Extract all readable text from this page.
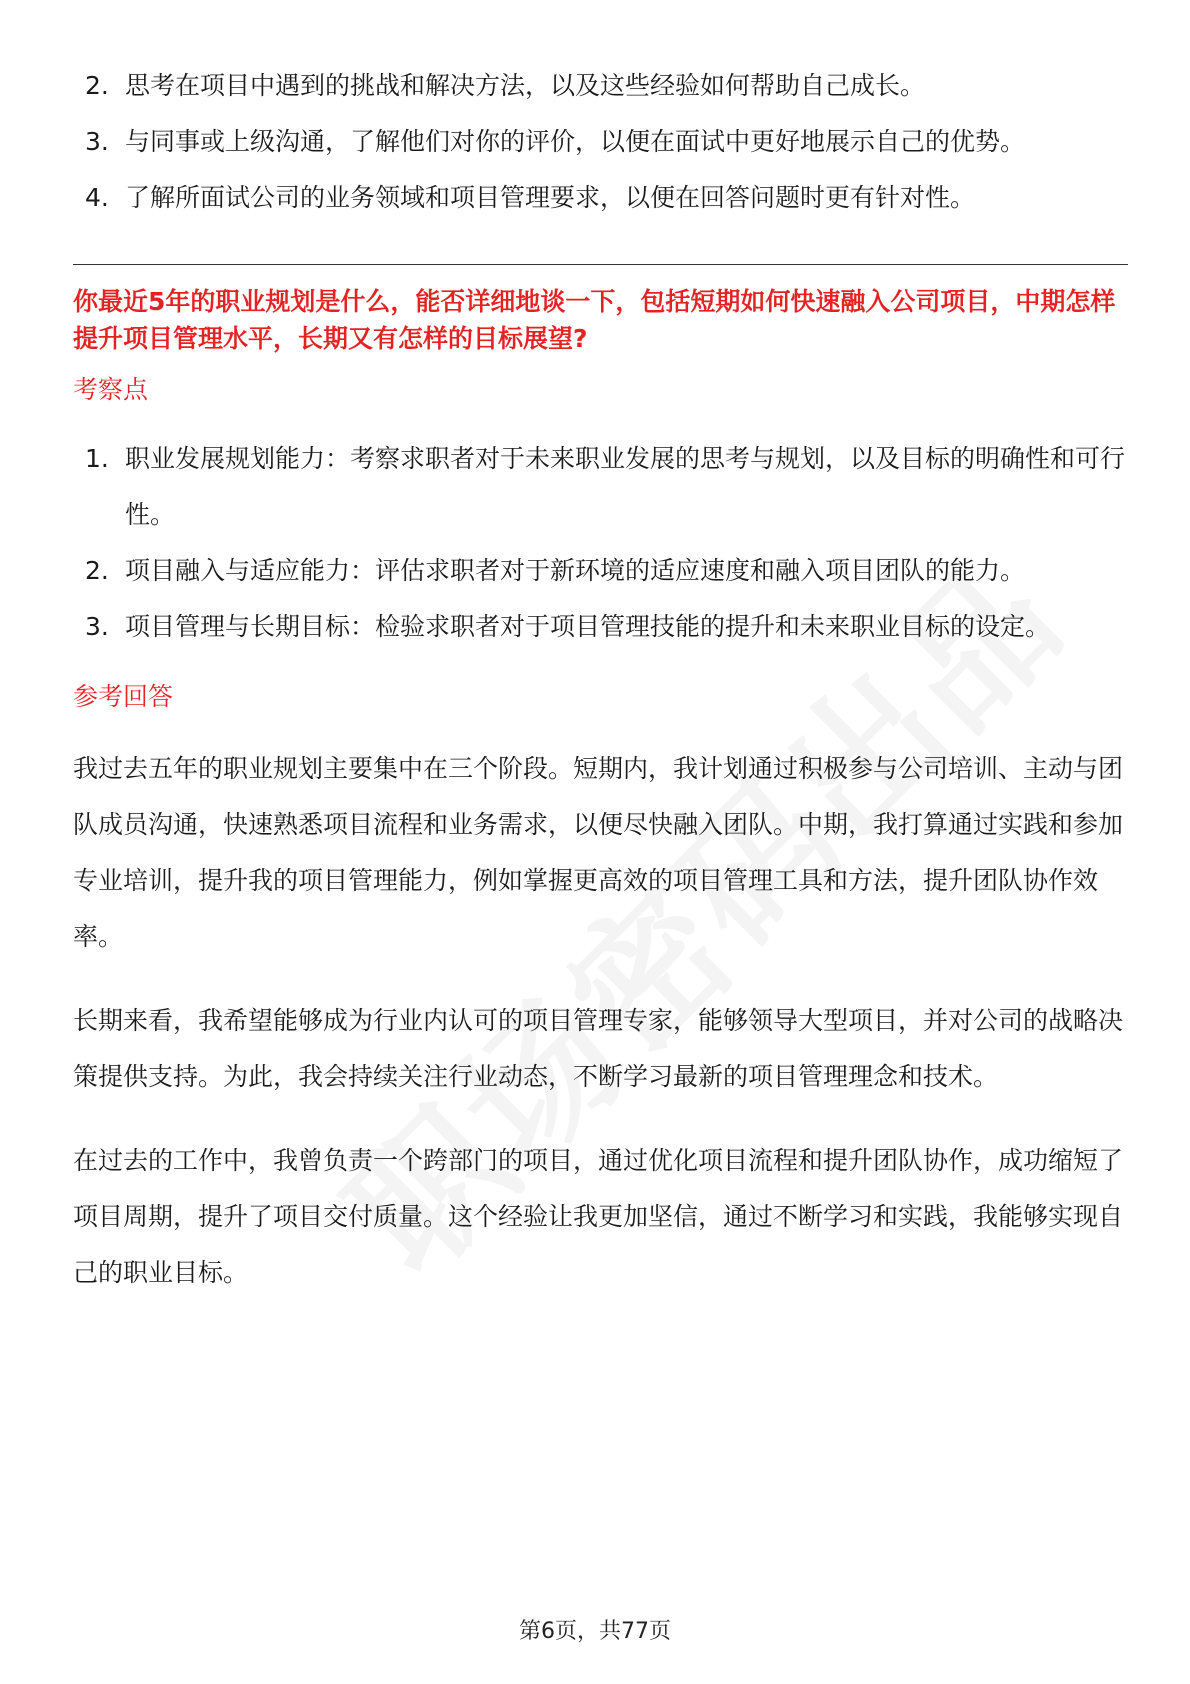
2. 思考在项目中遇到的挑战和解决方法，以及这些经验如何帮助自己成长。
3. 与同事或上级沟通，了解他们对你的评价，以便在面试中更好地展示自己的优势。
4. 了解所面试公司的业务领域和项目管理要求，以便在回答问题时更有针对性。

你最近5年的职业规划是什么，能否详细地谈一下，包括短期如何快速融入公司项目，中期怎样提升项目管理水平，长期又有怎样的目标展望?

考察点
1. 职业发展规划能力：考察求职者对于未来职业发展的思考与规划，以及目标的明确性和可行性。
2. 项目融入与适应能力：评估求职者对于新环境的适应速度和融入项目团队的能力。
3. 项目管理与长期目标：检验求职者对于项目管理技能的提升和未来职业目标的设定。
参考回答

我过去五年的职业规划主要集中在三个阶段。短期内，我计划通过积极参与公司培训、主动与团队成员沟通，快速熟悉项目流程和业务需求，以便尽快融入团队。中期，我打算通过实践和参加专业培训，提升我的项目管理能力，例如掌握更高效的项目管理工具和方法，提升团队协作效率。

长期来看，我希望能够成为行业内认可的项目管理专家，能够领导大型项目，并对公司的战略决策提供支持。为此，我会持续关注行业动态，不断学习最新的项目管理理念和技术。

在过去的工作中，我曾负责一个跨部门的项目，通过优化项目流程和提升团队协作，成功缩短了项目周期，提升了项目交付质量。这个经验让我更加坚信，通过不断学习和实践，我能够实现自己的职业目标。

第6页，共77页
